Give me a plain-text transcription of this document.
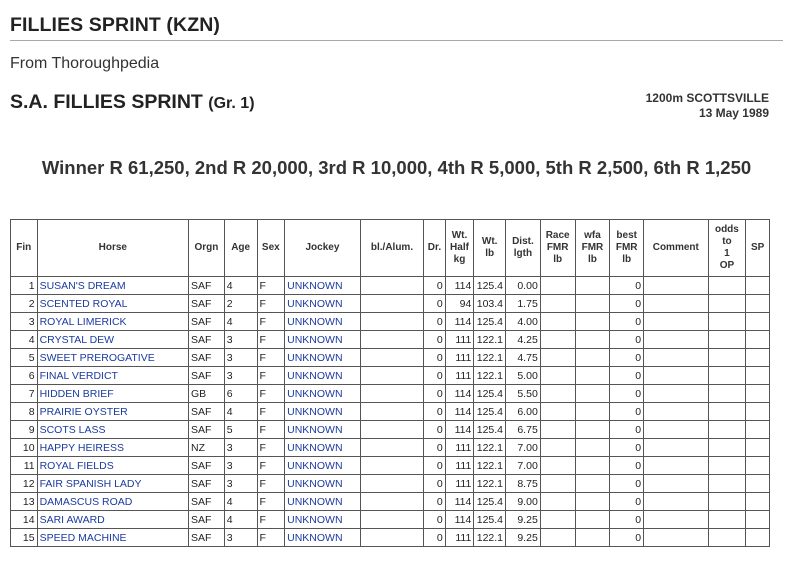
FILLIES SPRINT (KZN)
From Thoroughpedia
S.A. FILLIES SPRINT (Gr. 1)	1200m SCOTTSVILLE
13 May 1989
Winner R 61,250, 2nd R 20,000, 3rd R 10,000, 4th R 5,000, 5th R 2,500, 6th R 1,250
Fin	Horse	Orgn	Age	Sex	Jockey	bl./Alum.	Dr.	Wt.
Half
kg	Wt.
lb	Dist.
lgth	Race
FMR
lb	wfa
FMR
lb	best
FMR
lb	Comment	odds
to
1
OP	SP
1	SUSAN'S DREAM	SAF	4	F	UNKNOWN		0	114	125.4	0.00			0			
2	SCENTED ROYAL	SAF	2	F	UNKNOWN		0	94	103.4	1.75			0			
3	ROYAL LIMERICK	SAF	4	F	UNKNOWN		0	114	125.4	4.00			0			
4	CRYSTAL DEW	SAF	3	F	UNKNOWN		0	111	122.1	4.25			0			
5	SWEET PREROGATIVE	SAF	3	F	UNKNOWN		0	111	122.1	4.75			0			
6	FINAL VERDICT	SAF	3	F	UNKNOWN		0	111	122.1	5.00			0			
7	HIDDEN BRIEF	GB	6	F	UNKNOWN		0	114	125.4	5.50			0			
8	PRAIRIE OYSTER	SAF	4	F	UNKNOWN		0	114	125.4	6.00			0			
9	SCOTS LASS	SAF	5	F	UNKNOWN		0	114	125.4	6.75			0			
10	HAPPY HEIRESS	NZ	3	F	UNKNOWN		0	111	122.1	7.00			0			
11	ROYAL FIELDS	SAF	3	F	UNKNOWN		0	111	122.1	7.00			0			
12	FAIR SPANISH LADY	SAF	3	F	UNKNOWN		0	111	122.1	8.75			0			
13	DAMASCUS ROAD	SAF	4	F	UNKNOWN		0	114	125.4	9.00			0			
14	SARI AWARD	SAF	4	F	UNKNOWN		0	114	125.4	9.25			0			
15	SPEED MACHINE	SAF	3	F	UNKNOWN		0	111	122.1	9.25			0			
